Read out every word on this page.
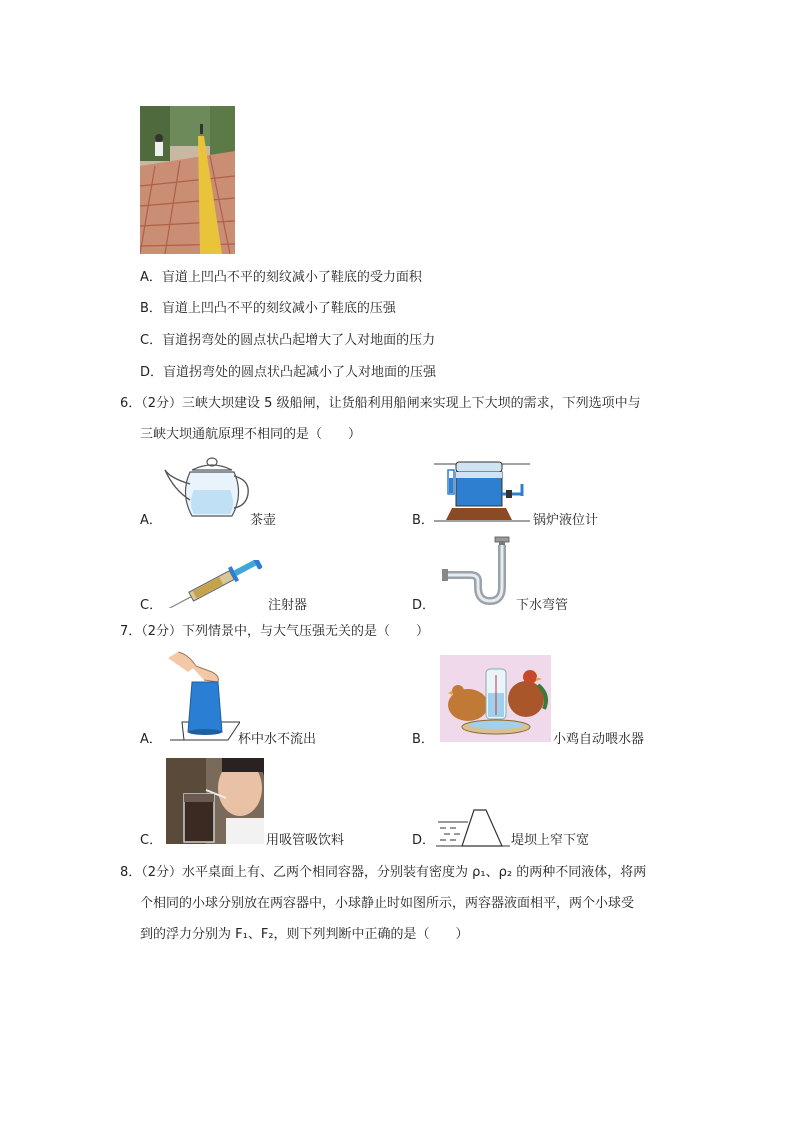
A．盲道上凹凸不平的刻纹减小了鞋底的受力面积
B．盲道上凹凸不平的刻纹减小了鞋底的压强
C．盲道拐弯处的圆点状凸起增大了人对地面的压力
D．盲道拐弯处的圆点状凸起减小了人对地面的压强
6．（2分）三峡大坝建设 5 级船闸，让货船利用船闸来实现上下大坝的需求，下列选项中与
三峡大坝通航原理不相同的是（　　）
A．	茶壶	B．	锅炉液位计
C．	注射器	D．	下水弯管
7．（2分）下列情景中，与大气压强无关的是（　　）
A．	杯中水不流出	B．	小鸡自动喂水器
C．	用吸管吸饮料	D．	堤坝上窄下宽
8．（2分）水平桌面上有、乙两个相同容器，分别装有密度为 ρ₁、ρ₂ 的两种不同液体，将两
个相同的小球分别放在两容器中，小球静止时如图所示，两容器液面相平，两个小球受
到的浮力分别为 F₁、F₂，则下列判断中正确的是（　　）
